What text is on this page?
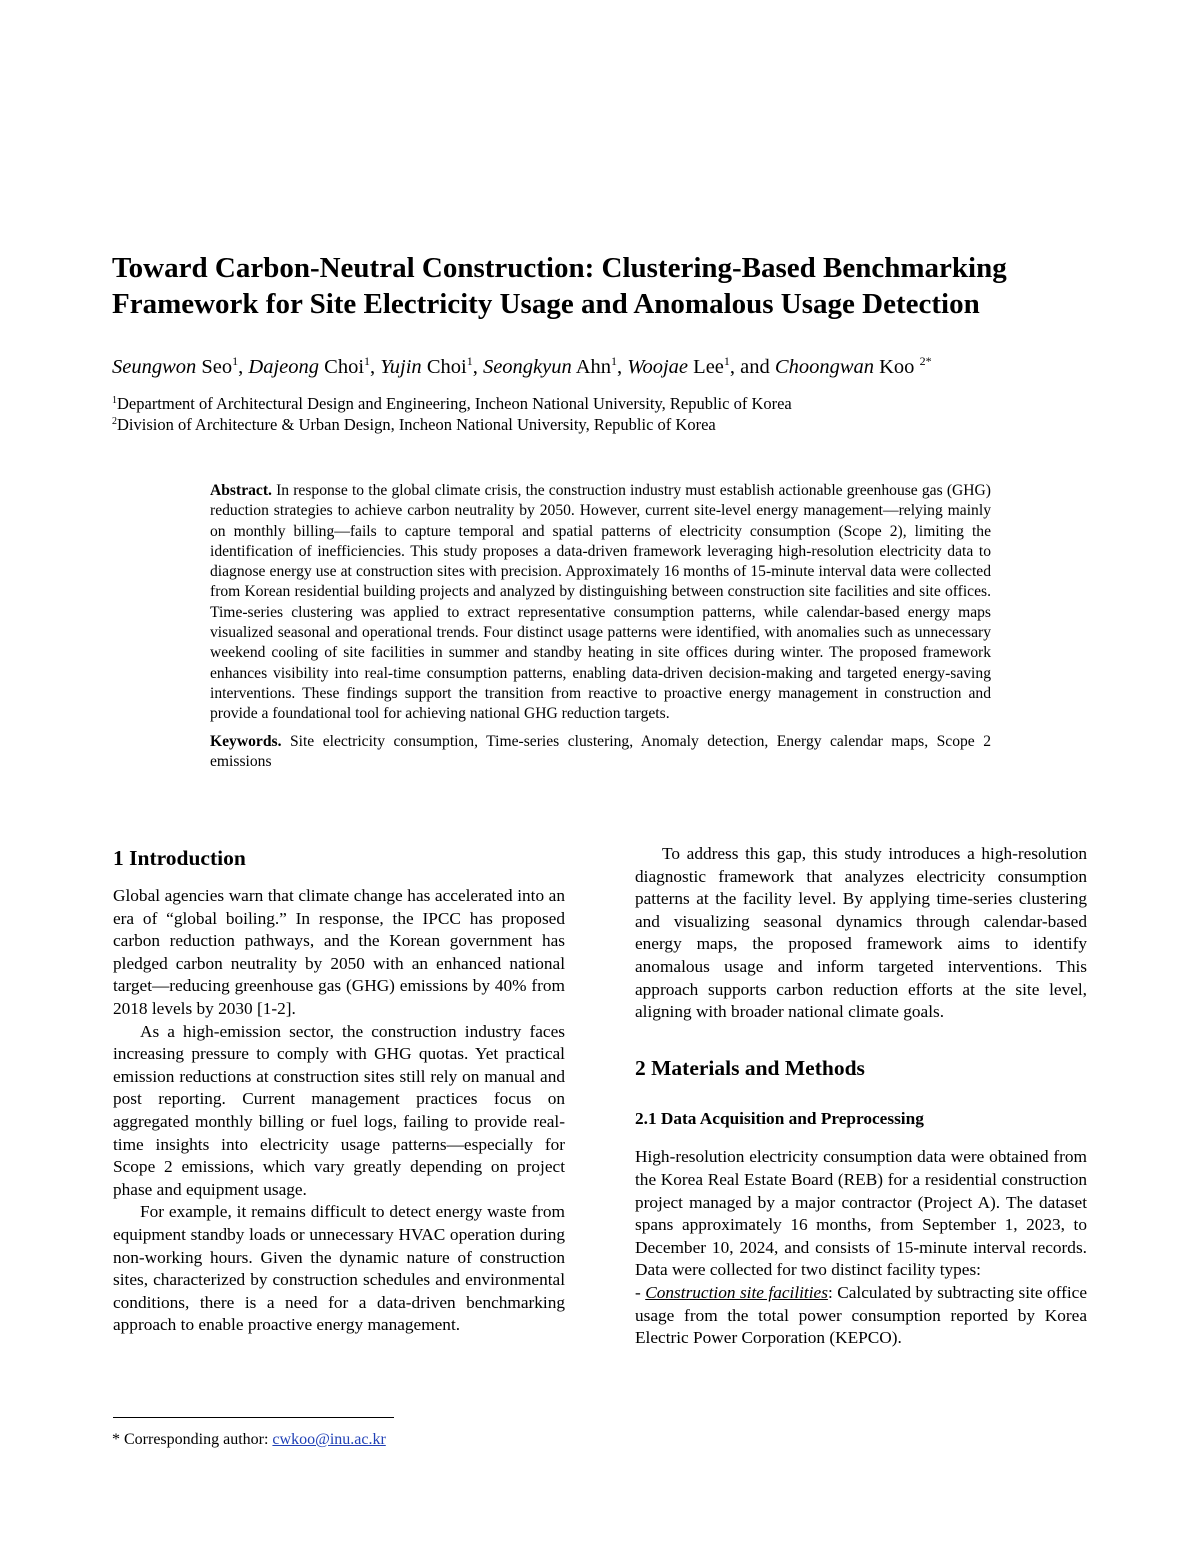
Toward Carbon-Neutral Construction: Clustering-Based Benchmarking
Framework for Site Electricity Usage and Anomalous Usage Detection
Seungwon Seo$^1$, Dajeong Choi$^1$, Yujin Choi$^1$, Seongkyun Ahn$^1$, Woojae Lee$^1$, and Choongwan Koo $^{2*}$
$^1$Department of Architectural Design and Engineering, Incheon National University, Republic of Korea
$^2$Division of Architecture & Urban Design, Incheon National University, Republic of Korea

Abstract. In response to the global climate crisis, the construction industry must establish actionable greenhouse gas (GHG) reduction strategies to achieve carbon neutrality by 2050. However, current site-level energy management—relying mainly on monthly billing—fails to capture temporal and spatial patterns of electricity consumption (Scope 2), limiting the identification of inefficiencies. This study proposes a data-driven framework leveraging high-resolution electricity data to diagnose energy use at construction sites with precision. Approximately 16 months of 15-minute interval data were collected from Korean residential building projects and analyzed by distinguishing between construction site facilities and site offices. Time-series clustering was applied to extract representative consumption patterns, while calendar-based energy maps visualized seasonal and operational trends. Four distinct usage patterns were identified, with anomalies such as unnecessary weekend cooling of site facilities in summer and standby heating in site offices during winter. The proposed framework enhances visibility into real-time consumption patterns, enabling data-driven decision-making and targeted energy-saving interventions. These findings support the transition from reactive to proactive energy management in construction and provide a foundational tool for achieving national GHG reduction targets.

Keywords. Site electricity consumption, Time-series clustering, Anomaly detection, Energy calendar maps, Scope 2 emissions

1 Introduction

Global agencies warn that climate change has accelerated into an era of “global boiling.” In response, the IPCC has proposed carbon reduction pathways, and the Korean government has pledged carbon neutrality by 2050 with an enhanced national target—reducing greenhouse gas (GHG) emissions by 40% from 2018 levels by 2030 [1-2].

As a high-emission sector, the construction industry faces increasing pressure to comply with GHG quotas. Yet practical emission reductions at construction sites still rely on manual and post reporting. Current management practices focus on aggregated monthly billing or fuel logs, failing to provide real-time insights into electricity usage patterns—especially for Scope 2 emissions, which vary greatly depending on project phase and equipment usage.

For example, it remains difficult to detect energy waste from equipment standby loads or unnecessary HVAC operation during non-working hours. Given the dynamic nature of construction sites, characterized by construction schedules and environmental conditions, there is a need for a data-driven benchmarking approach to enable proactive energy management.

To address this gap, this study introduces a high-resolution diagnostic framework that analyzes electricity consumption patterns at the facility level. By applying time-series clustering and visualizing seasonal dynamics through calendar-based energy maps, the proposed framework aims to identify anomalous usage and inform targeted interventions. This approach supports carbon reduction efforts at the site level, aligning with broader national climate goals.

2 Materials and Methods
2.1 Data Acquisition and Preprocessing

High-resolution electricity consumption data were obtained from the Korea Real Estate Board (REB) for a residential construction project managed by a major contractor (Project A). The dataset spans approximately 16 months, from September 1, 2023, to December 10, 2024, and consists of 15-minute interval records. Data were collected for two distinct facility types:

- Construction site facilities: Calculated by subtracting site office usage from the total power consumption reported by Korea Electric Power Corporation (KEPCO).

* Corresponding author: cwkoo@inu.ac.kr
